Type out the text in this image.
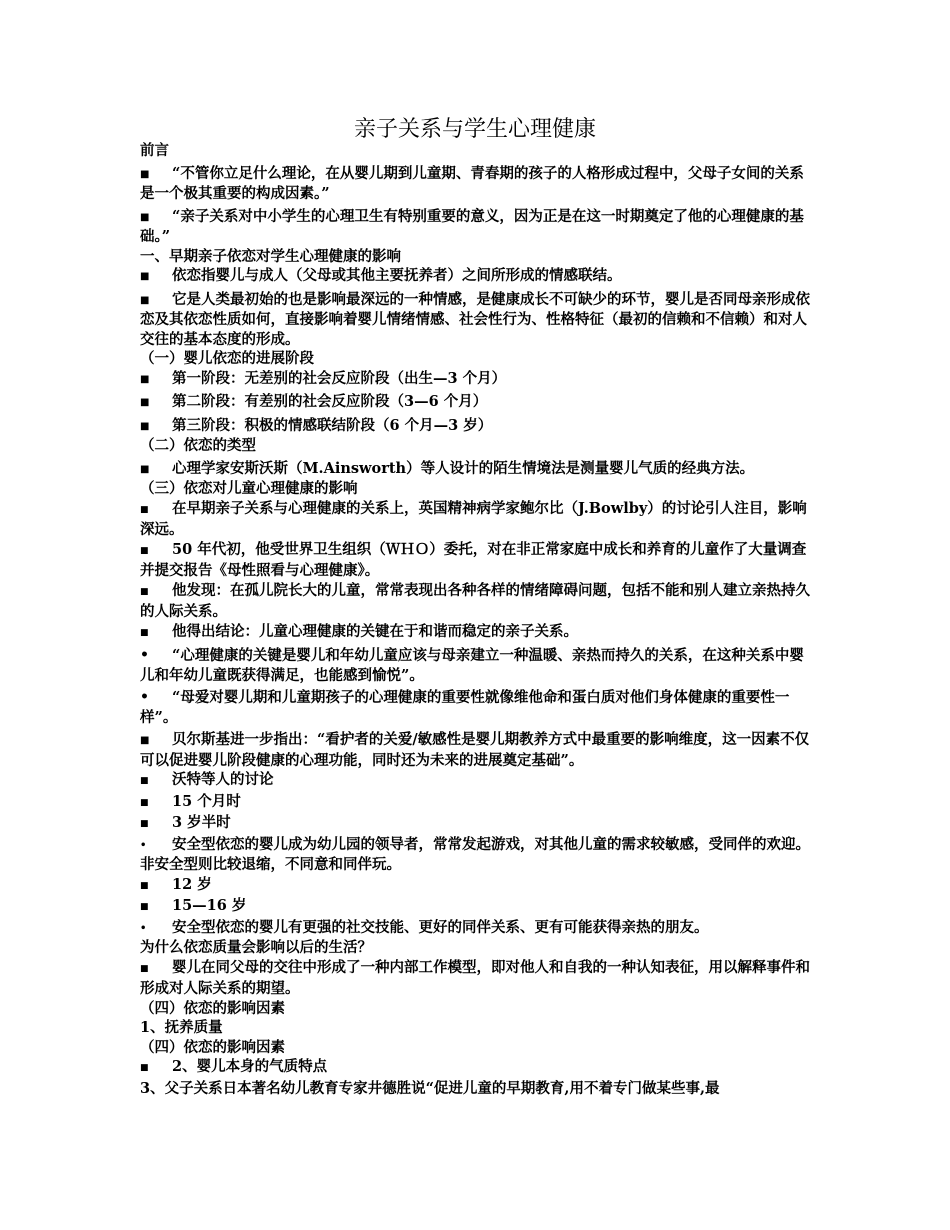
亲子关系与学生心理健康

前言

■ “不管你立足什么理论，在从婴儿期到儿童期、青春期的孩子的人格形成过程中，父母子女间的关系是一个极其重要的构成因素。”

■ “亲子关系对中小学生的心理卫生有特别重要的意义，因为正是在这一时期奠定了他的心理健康的基础。”

一、早期亲子依恋对学生心理健康的影响

■ 依恋指婴儿与成人（父母或其他主要抚养者）之间所形成的情感联结。

■ 它是人类最初始的也是影响最深远的一种情感，是健康成长不可缺少的环节，婴儿是否同母亲形成依恋及其依恋性质如何，直接影响着婴儿情绪情感、社会性行为、性格特征（最初的信赖和不信赖）和对人交往的基本态度的形成。

（一）婴儿依恋的进展阶段

■ 第一阶段：无差别的社会反应阶段（出生—3 个月）

■ 第二阶段：有差别的社会反应阶段（3—6 个月）

■ 第三阶段：积极的情感联结阶段（6 个月—3 岁）

（二）依恋的类型

■ 心理学家安斯沃斯（M.Ainsworth）等人设计的陌生情境法是测量婴儿气质的经典方法。

（三）依恋对儿童心理健康的影响

■ 在早期亲子关系与心理健康的关系上，英国精神病学家鲍尔比（J.Bowlby）的讨论引人注目，影响深远。

■ 50 年代初，他受世界卫生组织（ＷＨＯ）委托，对在非正常家庭中成长和养育的儿童作了大量调查并提交报告《母性照看与心理健康》。

■ 他发现：在孤儿院长大的儿童，常常表现出各种各样的情绪障碍问题，包括不能和别人建立亲热持久的人际关系。

■ 他得出结论：儿童心理健康的关键在于和谐而稳定的亲子关系。

• “心理健康的关键是婴儿和年幼儿童应该与母亲建立一种温暖、亲热而持久的关系，在这种关系中婴儿和年幼儿童既获得满足，也能感到愉悦”。

• “母爱对婴儿期和儿童期孩子的心理健康的重要性就像维他命和蛋白质对他们身体健康的重要性一样”。

■ 贝尔斯基进一步指出：“看护者的关爱/敏感性是婴儿期教养方式中最重要的影响维度，这一因素不仅可以促进婴儿阶段健康的心理功能，同时还为未来的进展奠定基础”。

■ 沃特等人的讨论

■ 15 个月时

■ 3 岁半时

• 安全型依恋的婴儿成为幼儿园的领导者，常常发起游戏，对其他儿童的需求较敏感，受同伴的欢迎。非安全型则比较退缩，不同意和同伴玩。

■ 12 岁

■ 15—16 岁

• 安全型依恋的婴儿有更强的社交技能、更好的同伴关系、更有可能获得亲热的朋友。

为什么依恋质量会影响以后的生活？

■ 婴儿在同父母的交往中形成了一种内部工作模型，即对他人和自我的一种认知表征，用以解释事件和形成对人际关系的期望。

（四）依恋的影响因素

1、抚养质量

（四）依恋的影响因素

■ 2、婴儿本身的气质特点

3、父子关系日本著名幼儿教育专家井德胜说“促进儿童的早期教育,用不着专门做某些事,最
